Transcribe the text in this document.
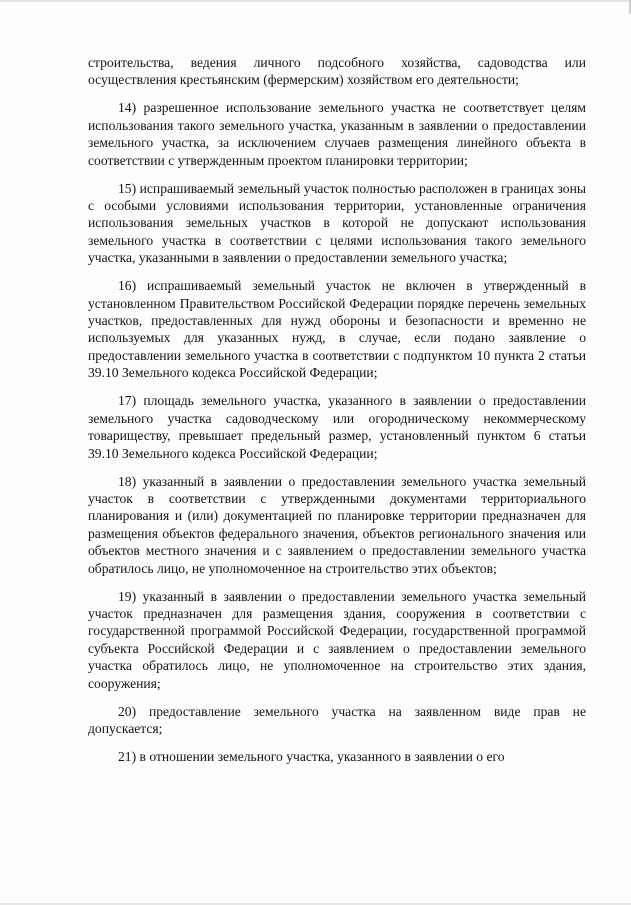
строительства, ведения личного подсобного хозяйства, садоводства или осуществления крестьянским (фермерским) хозяйством его деятельности;

14) разрешенное использование земельного участка не соответствует целям использования такого земельного участка, указанным в заявлении о предоставлении земельного участка, за исключением случаев размещения линейного объекта в соответствии с утвержденным проектом планировки территории;

15) испрашиваемый земельный участок полностью расположен в границах зоны с особыми условиями использования территории, установленные ограничения использования земельных участков в которой не допускают использования земельного участка в соответствии с целями использования такого земельного участка, указанными в заявлении о предоставлении земельного участка;

16) испрашиваемый земельный участок не включен в утвержденный в установленном Правительством Российской Федерации порядке перечень земельных участков, предоставленных для нужд обороны и безопасности и временно не используемых для указанных нужд, в случае, если подано заявление о предоставлении земельного участка в соответствии с подпунктом 10 пункта 2 статьи 39.10 Земельного кодекса Российской Федерации;

17) площадь земельного участка, указанного в заявлении о предоставлении земельного участка садоводческому или огородническому некоммерческому товариществу, превышает предельный размер, установленный пунктом 6 статьи 39.10 Земельного кодекса Российской Федерации;

18) указанный в заявлении о предоставлении земельного участка земельный участок в соответствии с утвержденными документами территориального планирования и (или) документацией по планировке территории предназначен для размещения объектов федерального значения, объектов регионального значения или объектов местного значения и с заявлением о предоставлении земельного участка обратилось лицо, не уполномоченное на строительство этих объектов;

19) указанный в заявлении о предоставлении земельного участка земельный участок предназначен для размещения здания, сооружения в соответствии с государственной программой Российской Федерации, государственной программой субъекта Российской Федерации и с заявлением о предоставлении земельного участка обратилось лицо, не уполномоченное на строительство этих здания, сооружения;

20) предоставление земельного участка на заявленном виде прав не допускается;

21) в отношении земельного участка, указанного в заявлении о его
